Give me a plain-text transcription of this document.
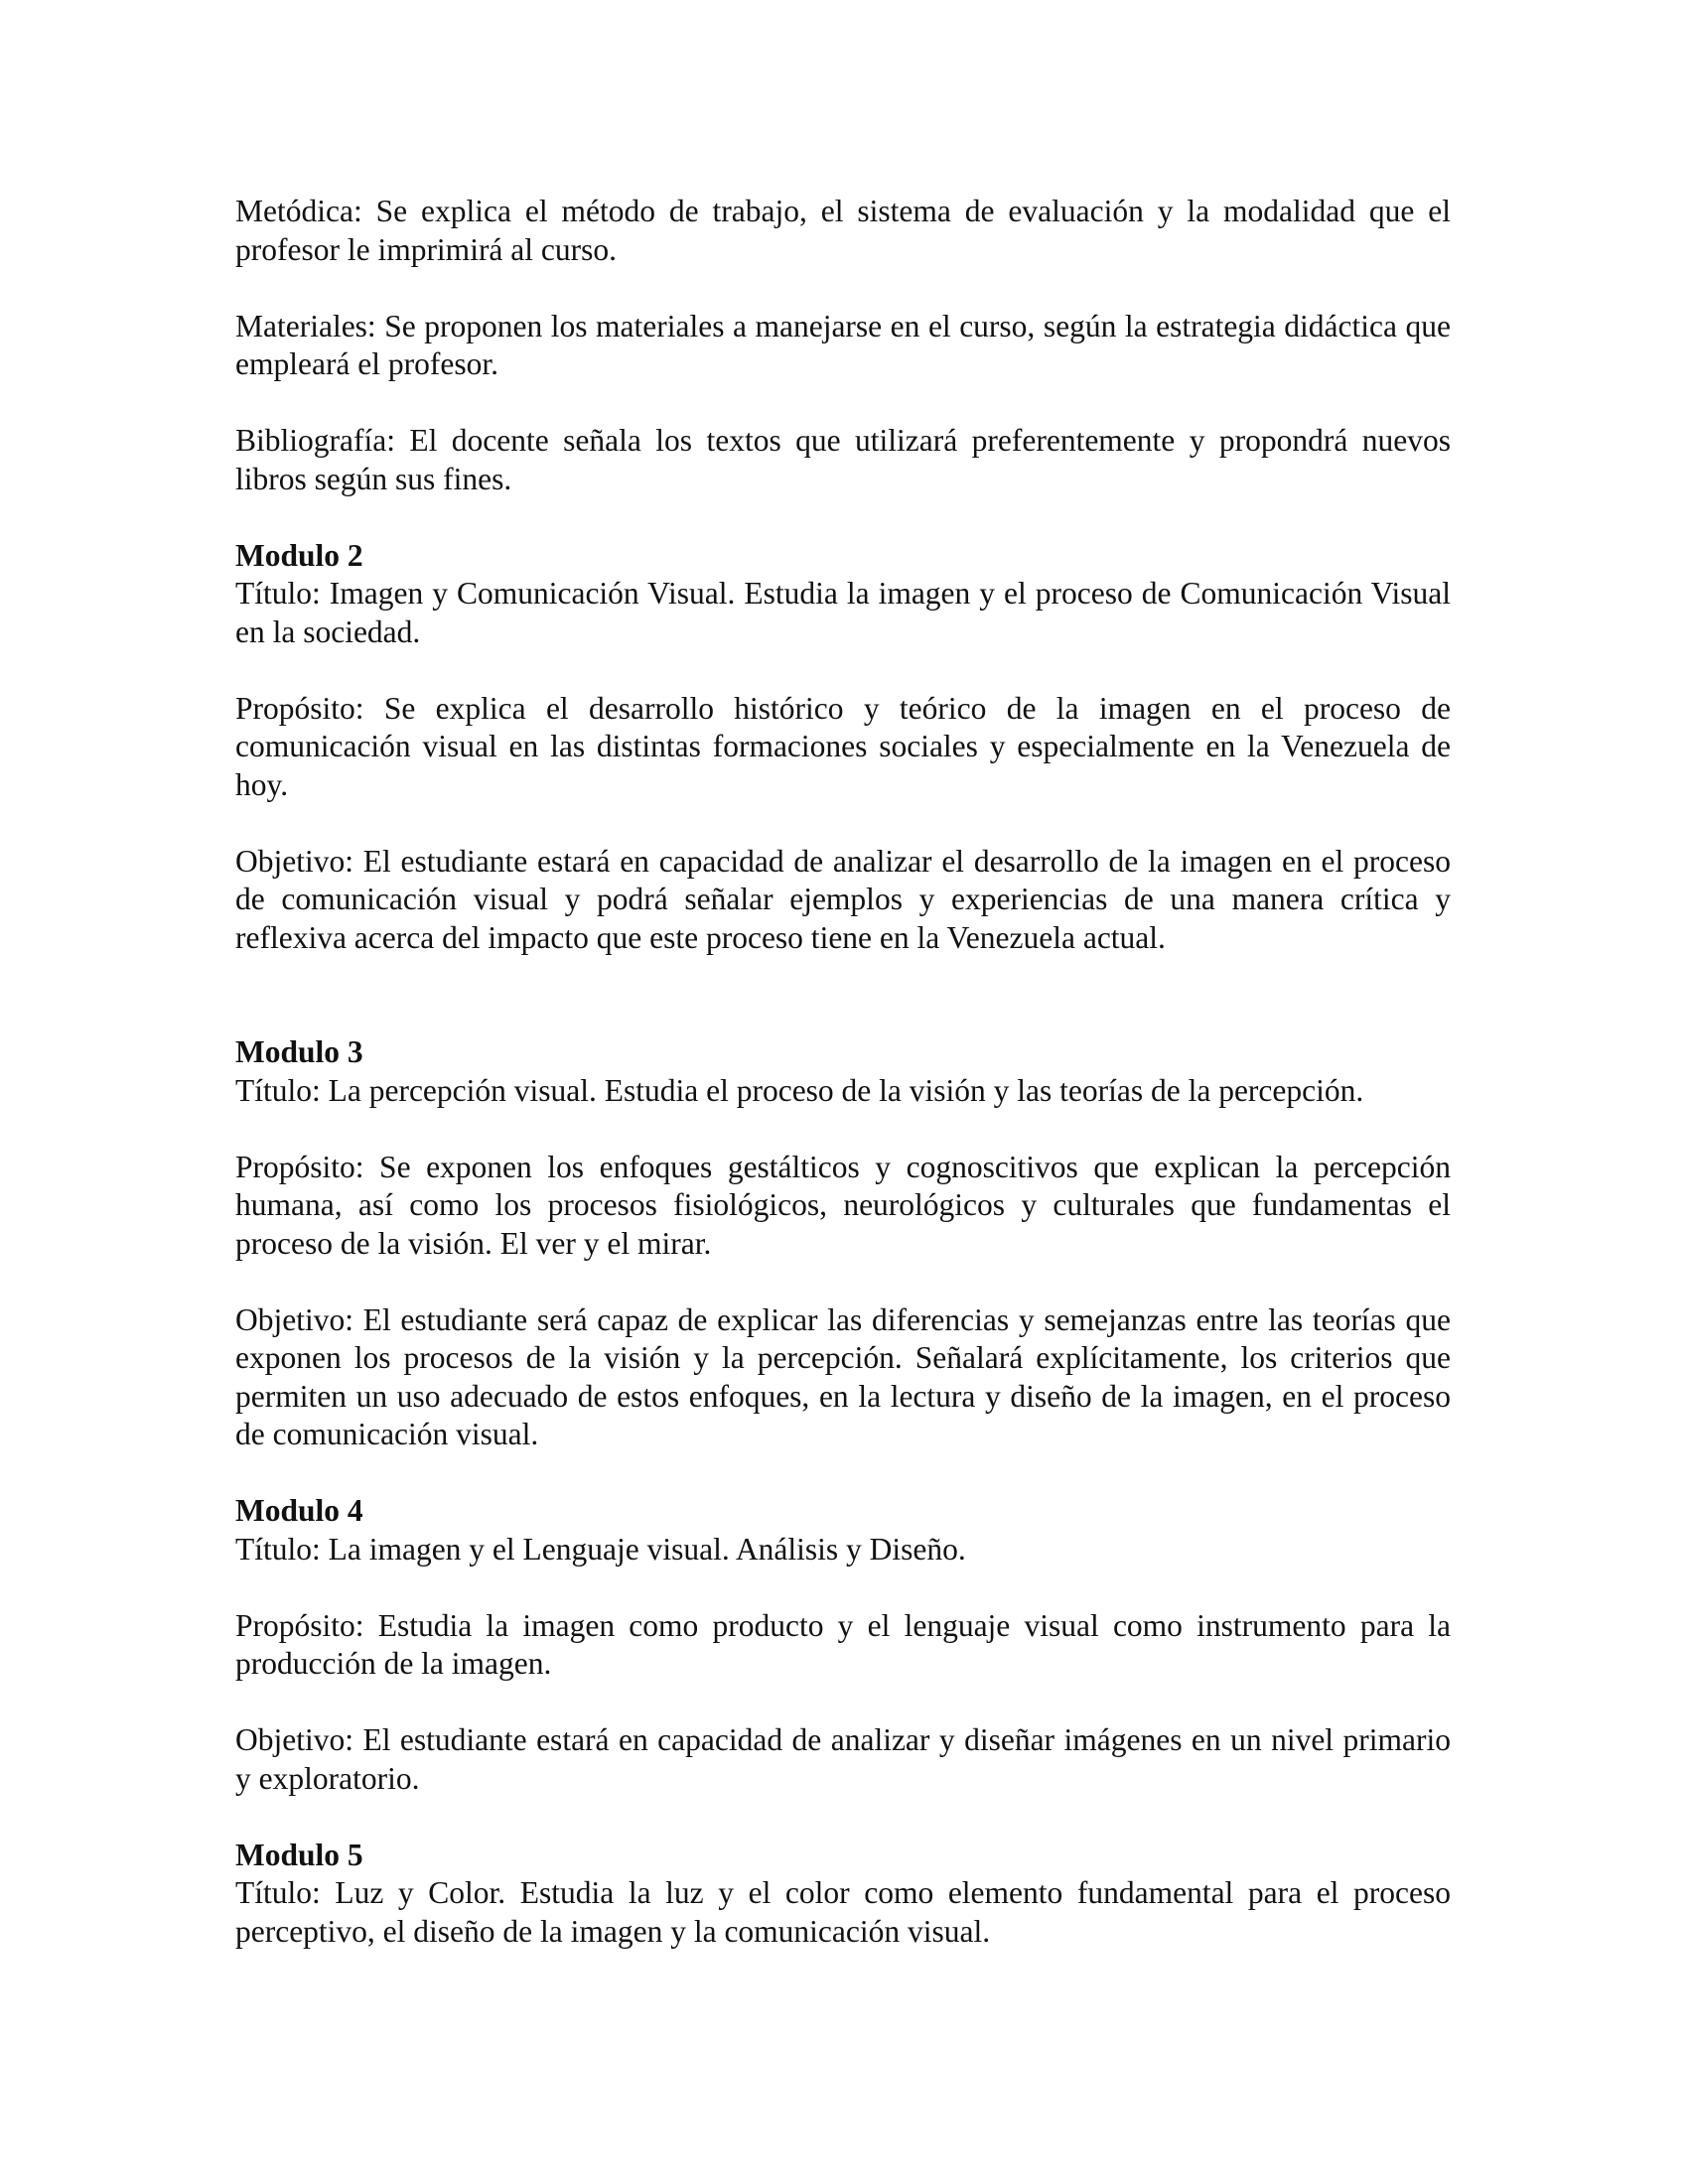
Metódica: Se explica el método de trabajo, el sistema de evaluación y la modalidad que el profesor le imprimirá al curso.

Materiales: Se proponen los materiales a manejarse en el curso, según la estrategia didáctica que empleará el profesor.

Bibliografía: El docente señala los textos que utilizará preferentemente y propondrá nuevos libros según sus fines.

Modulo 2

Título: Imagen y Comunicación Visual. Estudia la imagen y el proceso de Comunicación Visual en la sociedad.

Propósito: Se explica el desarrollo histórico y teórico de la imagen en el proceso de comunicación visual en las distintas formaciones sociales y especialmente en la Venezuela de hoy.

Objetivo: El estudiante estará en capacidad de analizar el desarrollo de la imagen en el proceso de comunicación visual y podrá señalar ejemplos y experiencias de una manera crítica y reflexiva acerca del impacto que este proceso tiene en la Venezuela actual.

Modulo 3

Título: La percepción visual. Estudia el proceso de la visión y las teorías de la percepción.

Propósito: Se exponen los enfoques gestálticos y cognoscitivos que explican la percepción humana, así como los procesos fisiológicos, neurológicos y culturales que fundamentas el proceso de la visión. El ver y el mirar.

Objetivo: El estudiante será capaz de explicar las diferencias y semejanzas entre las teorías que exponen los procesos de la visión y la percepción. Señalará explícitamente, los criterios que permiten un uso adecuado de estos enfoques, en la lectura y diseño de la imagen, en el proceso de comunicación visual.

Modulo 4

Título: La imagen y el Lenguaje visual. Análisis y Diseño.

Propósito: Estudia la imagen como producto y el lenguaje visual como instrumento para la producción de la imagen.

Objetivo: El estudiante estará en capacidad de analizar y diseñar imágenes en un nivel primario y exploratorio.

Modulo 5

Título: Luz y Color. Estudia la luz y el color como elemento fundamental para el proceso perceptivo, el diseño de la imagen y la comunicación visual.
